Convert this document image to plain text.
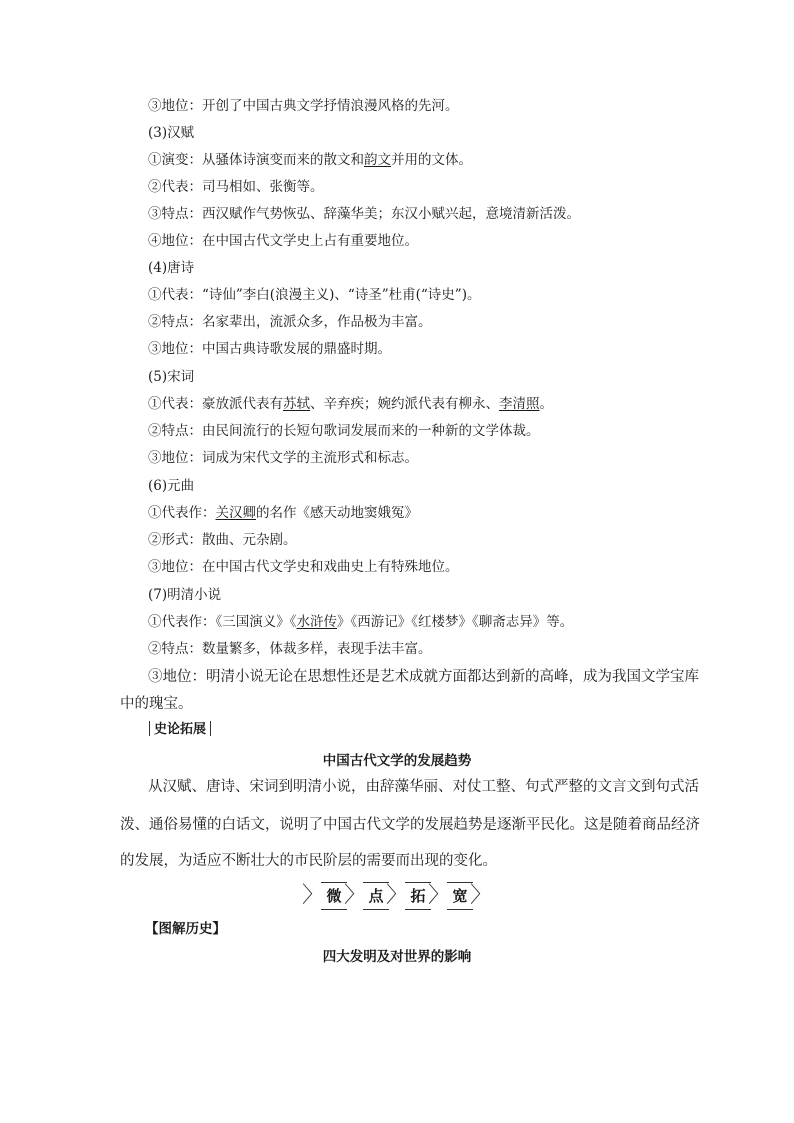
③地位：开创了中国古典文学抒情浪漫风格的先河。
(3)汉赋
①演变：从骚体诗演变而来的散文和韵文并用的文体。
②代表：司马相如、张衡等。
③特点：西汉赋作气势恢弘、辞藻华美；东汉小赋兴起，意境清新活泼。
④地位：在中国古代文学史上占有重要地位。
(4)唐诗
①代表：“诗仙”李白(浪漫主义)、“诗圣”杜甫(“诗史”)。
②特点：名家辈出，流派众多，作品极为丰富。
③地位：中国古典诗歌发展的鼎盛时期。
(5)宋词
①代表：豪放派代表有苏轼、辛弃疾；婉约派代表有柳永、李清照。
②特点：由民间流行的长短句歌词发展而来的一种新的文学体裁。
③地位：词成为宋代文学的主流形式和标志。
(6)元曲
①代表作：关汉卿的名作《感天动地窦娥冤》
②形式：散曲、元杂剧。
③地位：在中国古代文学史和戏曲史上有特殊地位。
(7)明清小说
①代表作：《三国演义》《水浒传》《西游记》《红楼梦》《聊斋志异》等。
②特点：数量繁多，体裁多样，表现手法丰富。
③地位：明清小说无论在思想性还是艺术成就方面都达到新的高峰，成为我国文学宝库
中的瑰宝。
史论拓展
中国古代文学的发展趋势
从汉赋、唐诗、宋词到明清小说，由辞藻华丽、对仗工整、句式严整的文言文到句式活
泼、通俗易懂的白话文，说明了中国古代文学的发展趋势是逐渐平民化。这是随着商品经济
的发展，为适应不断壮大的市民阶层的需要而出现的变化。
〉 微 〉 点 〉 拓 〉 宽 〉
【图解历史】
四大发明及对世界的影响
